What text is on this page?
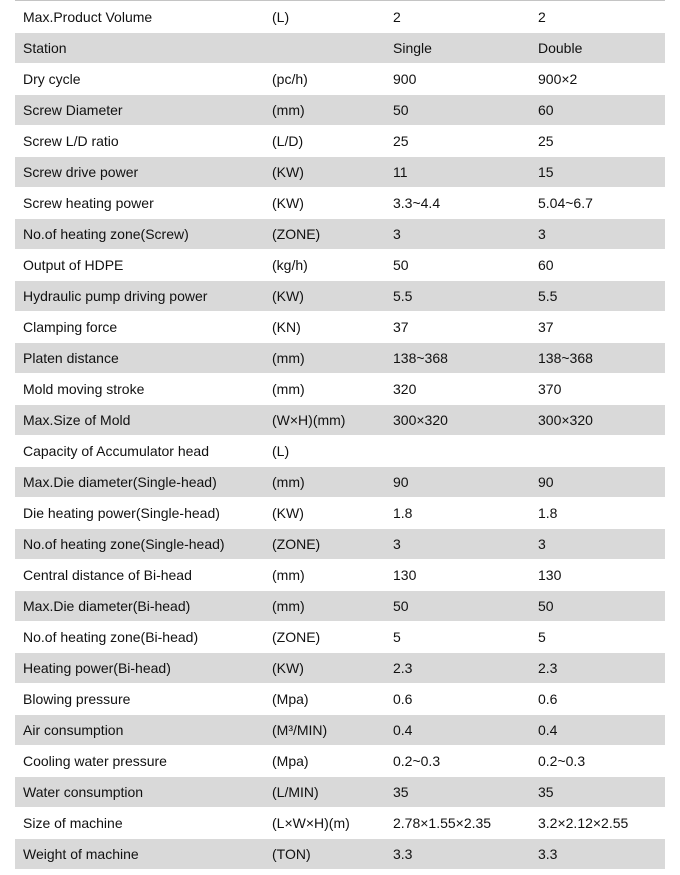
Max.Product Volume	(L)	2	2
Station		Single	Double
Dry cycle	(pc/h)	900	900×2
Screw Diameter	(mm)	50	60
Screw L/D ratio	(L/D)	25	25
Screw drive power	(KW)	11	15
Screw heating power	(KW)	3.3~4.4	5.04~6.7
No.of heating zone(Screw)	(ZONE)	3	3
Output of HDPE	(kg/h)	50	60
Hydraulic pump driving power	(KW)	5.5	5.5
Clamping force	(KN)	37	37
Platen distance	(mm)	138~368	138~368
Mold moving stroke	(mm)	320	370
Max.Size of Mold	(W×H)(mm)	300×320	300×320
Capacity of Accumulator head	(L)		
Max.Die diameter(Single-head)	(mm)	90	90
Die heating power(Single-head)	(KW)	1.8	1.8
No.of heating zone(Single-head)	(ZONE)	3	3
Central distance of Bi-head	(mm)	130	130
Max.Die diameter(Bi-head)	(mm)	50	50
No.of heating zone(Bi-head)	(ZONE)	5	5
Heating power(Bi-head)	(KW)	2.3	2.3
Blowing pressure	(Mpa)	0.6	0.6
Air consumption	(M³/MIN)	0.4	0.4
Cooling water pressure	(Mpa)	0.2~0.3	0.2~0.3
Water consumption	(L/MIN)	35	35
Size of machine	(L×W×H)(m)	2.78×1.55×2.35	3.2×2.12×2.55
Weight of machine	(TON)	3.3	3.3
